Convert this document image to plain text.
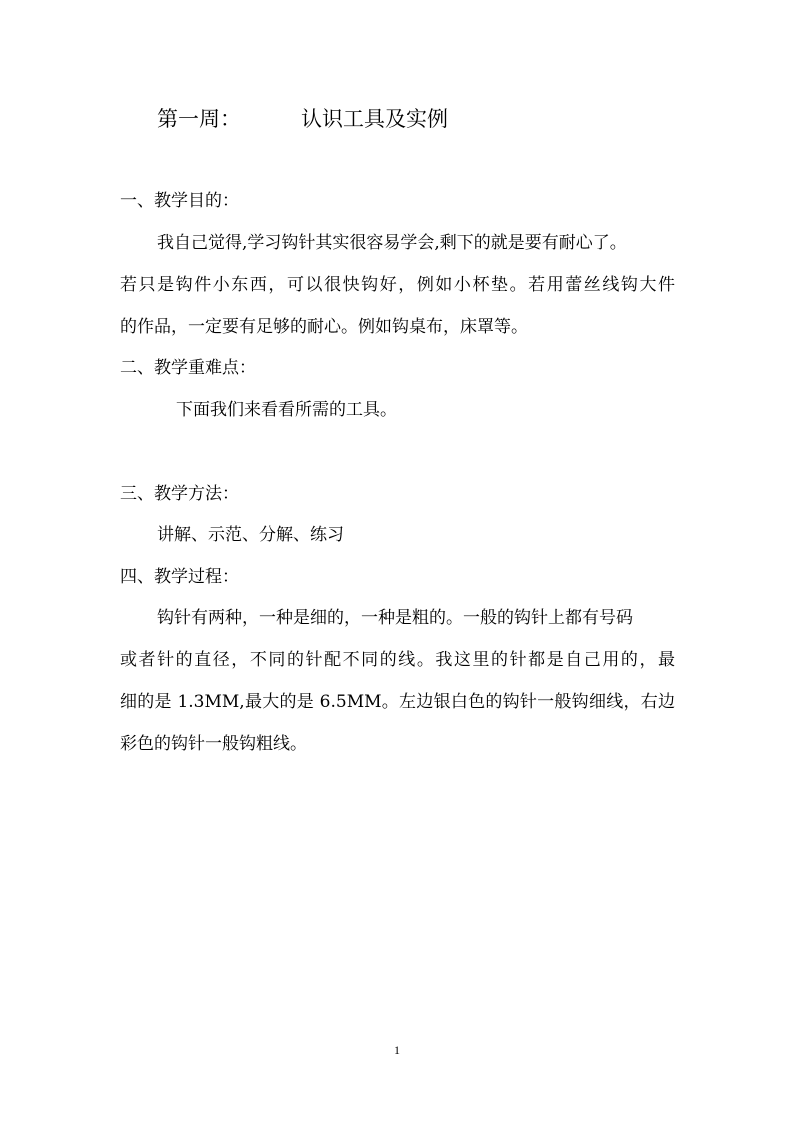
第一周：	认识工具及实例
一、教学目的：
我自己觉得,学习钩针其实很容易学会,剩下的就是要有耐心了。
若只是钩件小东西，可以很快钩好，例如小杯垫。若用蕾丝线钩大件
的作品，一定要有足够的耐心。例如钩桌布，床罩等。
二、教学重难点：
下面我们来看看所需的工具。
三、教学方法：
讲解、示范、分解、练习
四、教学过程：
钩针有两种，一种是细的，一种是粗的。一般的钩针上都有号码
或者针的直径，不同的针配不同的线。我这里的针都是自己用的，最
细的是 1.3MM,最大的是 6.5MM。左边银白色的钩针一般钩细线，右边
彩色的钩针一般钩粗线。
1
